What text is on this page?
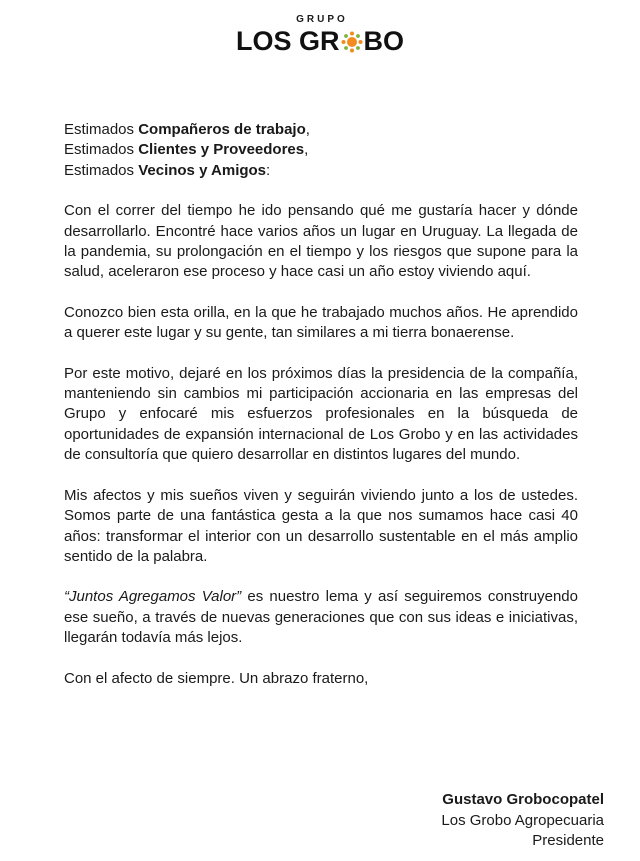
GRUPO
LOS GR BO

Estimados Compañeros de trabajo,
Estimados Clientes y Proveedores,
Estimados Vecinos y Amigos:

Con el correr del tiempo he ido pensando qué me gustaría hacer y dónde desarrollarlo. Encontré hace varios años un lugar en Uruguay. La llegada de la pandemia, su prolongación en el tiempo y los riesgos que supone para la salud, aceleraron ese proceso y hace casi un año estoy viviendo aquí.

Conozco bien esta orilla, en la que he trabajado muchos años. He aprendido a querer este lugar y su gente, tan similares a mi tierra bonaerense.

Por este motivo, dejaré en los próximos días la presidencia de la compañía, manteniendo sin cambios mi participación accionaria en las empresas del Grupo y enfocaré mis esfuerzos profesionales en la búsqueda de oportunidades de expansión internacional de Los Grobo y en las actividades de consultoría que quiero desarrollar en distintos lugares del mundo.

Mis afectos y mis sueños viven y seguirán viviendo junto a los de ustedes. Somos parte de una fantástica gesta a la que nos sumamos hace casi 40 años: transformar el interior con un desarrollo sustentable en el más amplio sentido de la palabra.

“Juntos Agregamos Valor” es nuestro lema y así seguiremos construyendo ese sueño, a través de nuevas generaciones que con sus ideas e iniciativas, llegarán todavía más lejos.

Con el afecto de siempre. Un abrazo fraterno,

Gustavo Grobocopatel
Los Grobo Agropecuaria
Presidente
